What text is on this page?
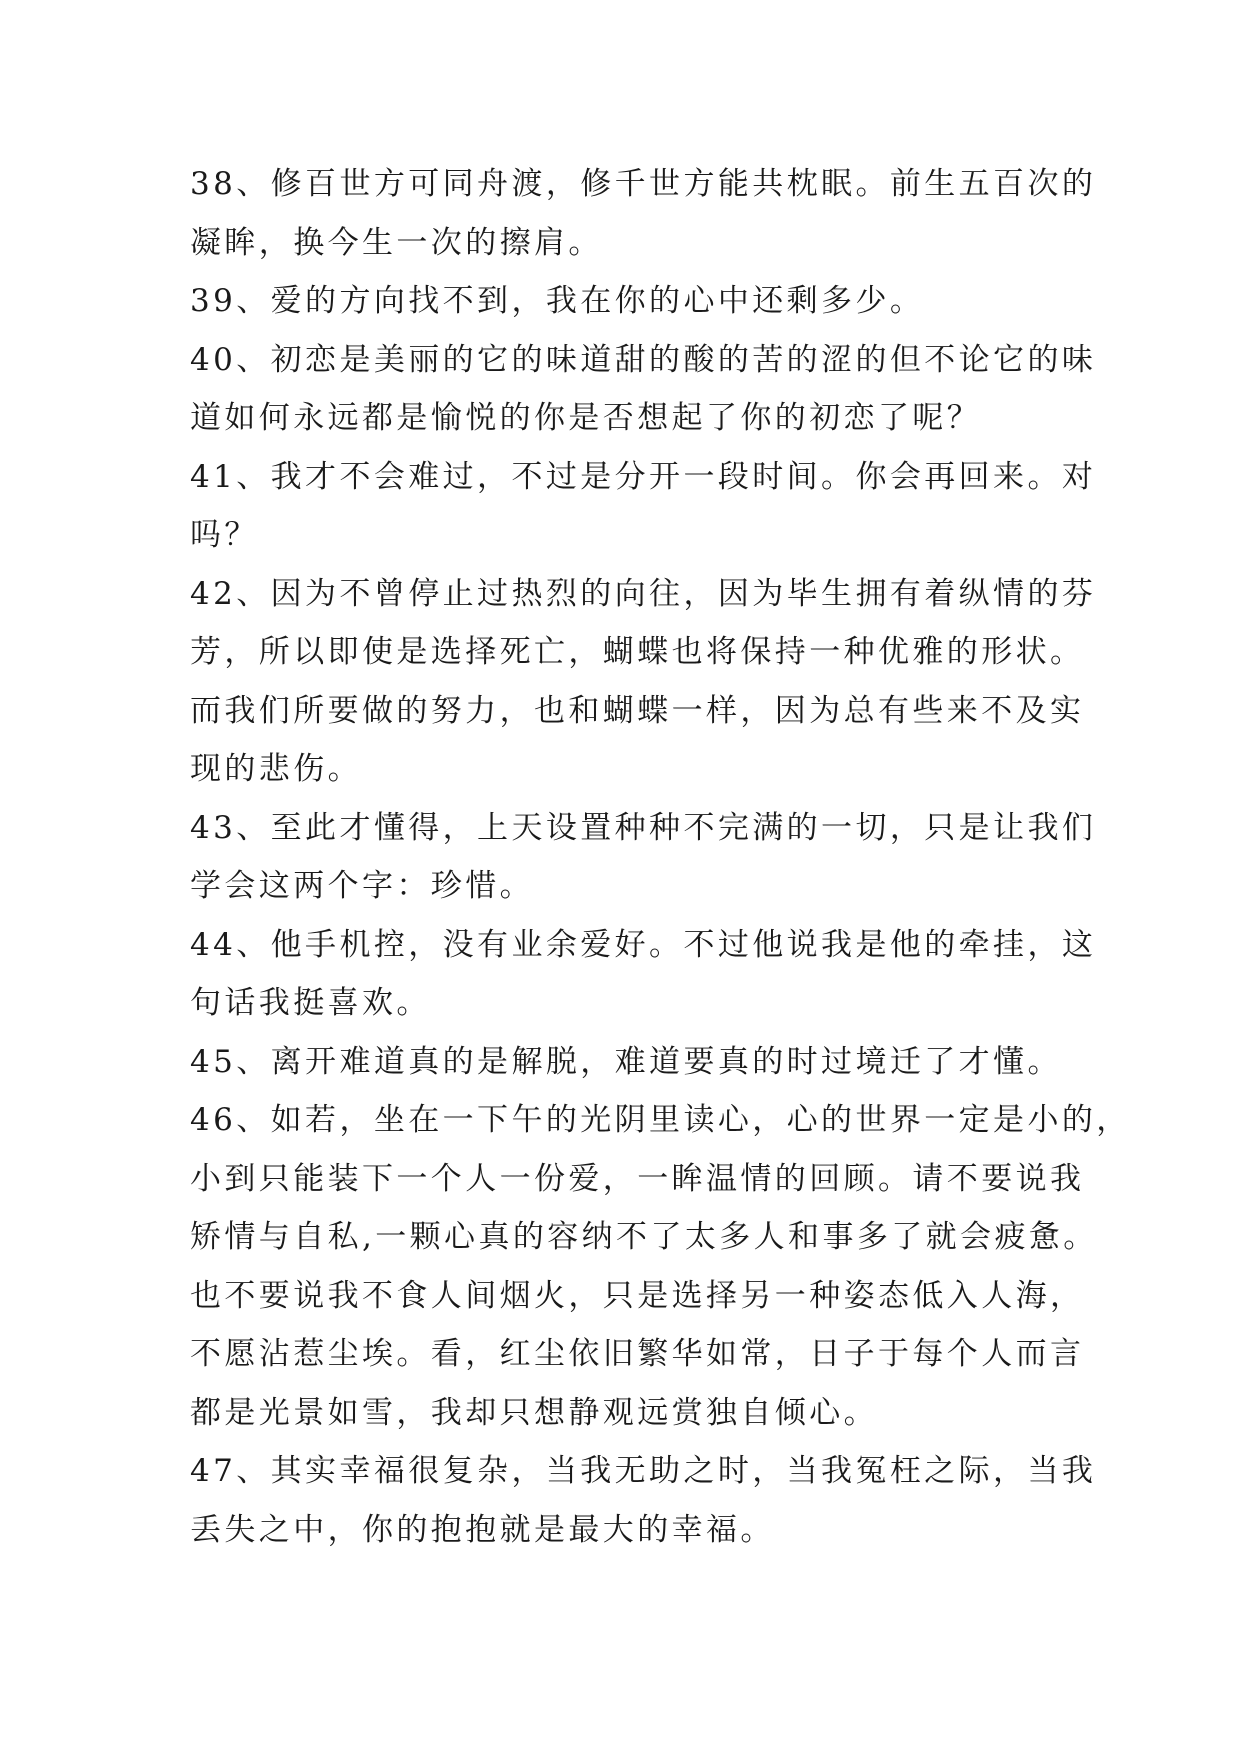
38、修百世方可同舟渡，修千世方能共枕眠。前生五百次的
凝眸，换今生一次的擦肩。
39、爱的方向找不到，我在你的心中还剩多少。
40、初恋是美丽的它的味道甜的酸的苦的涩的但不论它的味
道如何永远都是愉悦的你是否想起了你的初恋了呢？
41、我才不会难过，不过是分开一段时间。你会再回来。对
吗？
42、因为不曾停止过热烈的向往，因为毕生拥有着纵情的芬
芳，所以即使是选择死亡，蝴蝶也将保持一种优雅的形状。
而我们所要做的努力，也和蝴蝶一样，因为总有些来不及实
现的悲伤。
43、至此才懂得，上天设置种种不完满的一切，只是让我们
学会这两个字：珍惜。
44、他手机控，没有业余爱好。不过他说我是他的牵挂，这
句话我挺喜欢。
45、离开难道真的是解脱，难道要真的时过境迁了才懂。
46、如若，坐在一下午的光阴里读心，心的世界一定是小的，
小到只能装下一个人一份爱，一眸温情的回顾。请不要说我
矫情与自私,一颗心真的容纳不了太多人和事多了就会疲惫。
也不要说我不食人间烟火，只是选择另一种姿态低入人海，
不愿沾惹尘埃。看，红尘依旧繁华如常，日子于每个人而言
都是光景如雪，我却只想静观远赏独自倾心。
47、其实幸福很复杂，当我无助之时，当我冤枉之际，当我
丢失之中，你的抱抱就是最大的幸福。
